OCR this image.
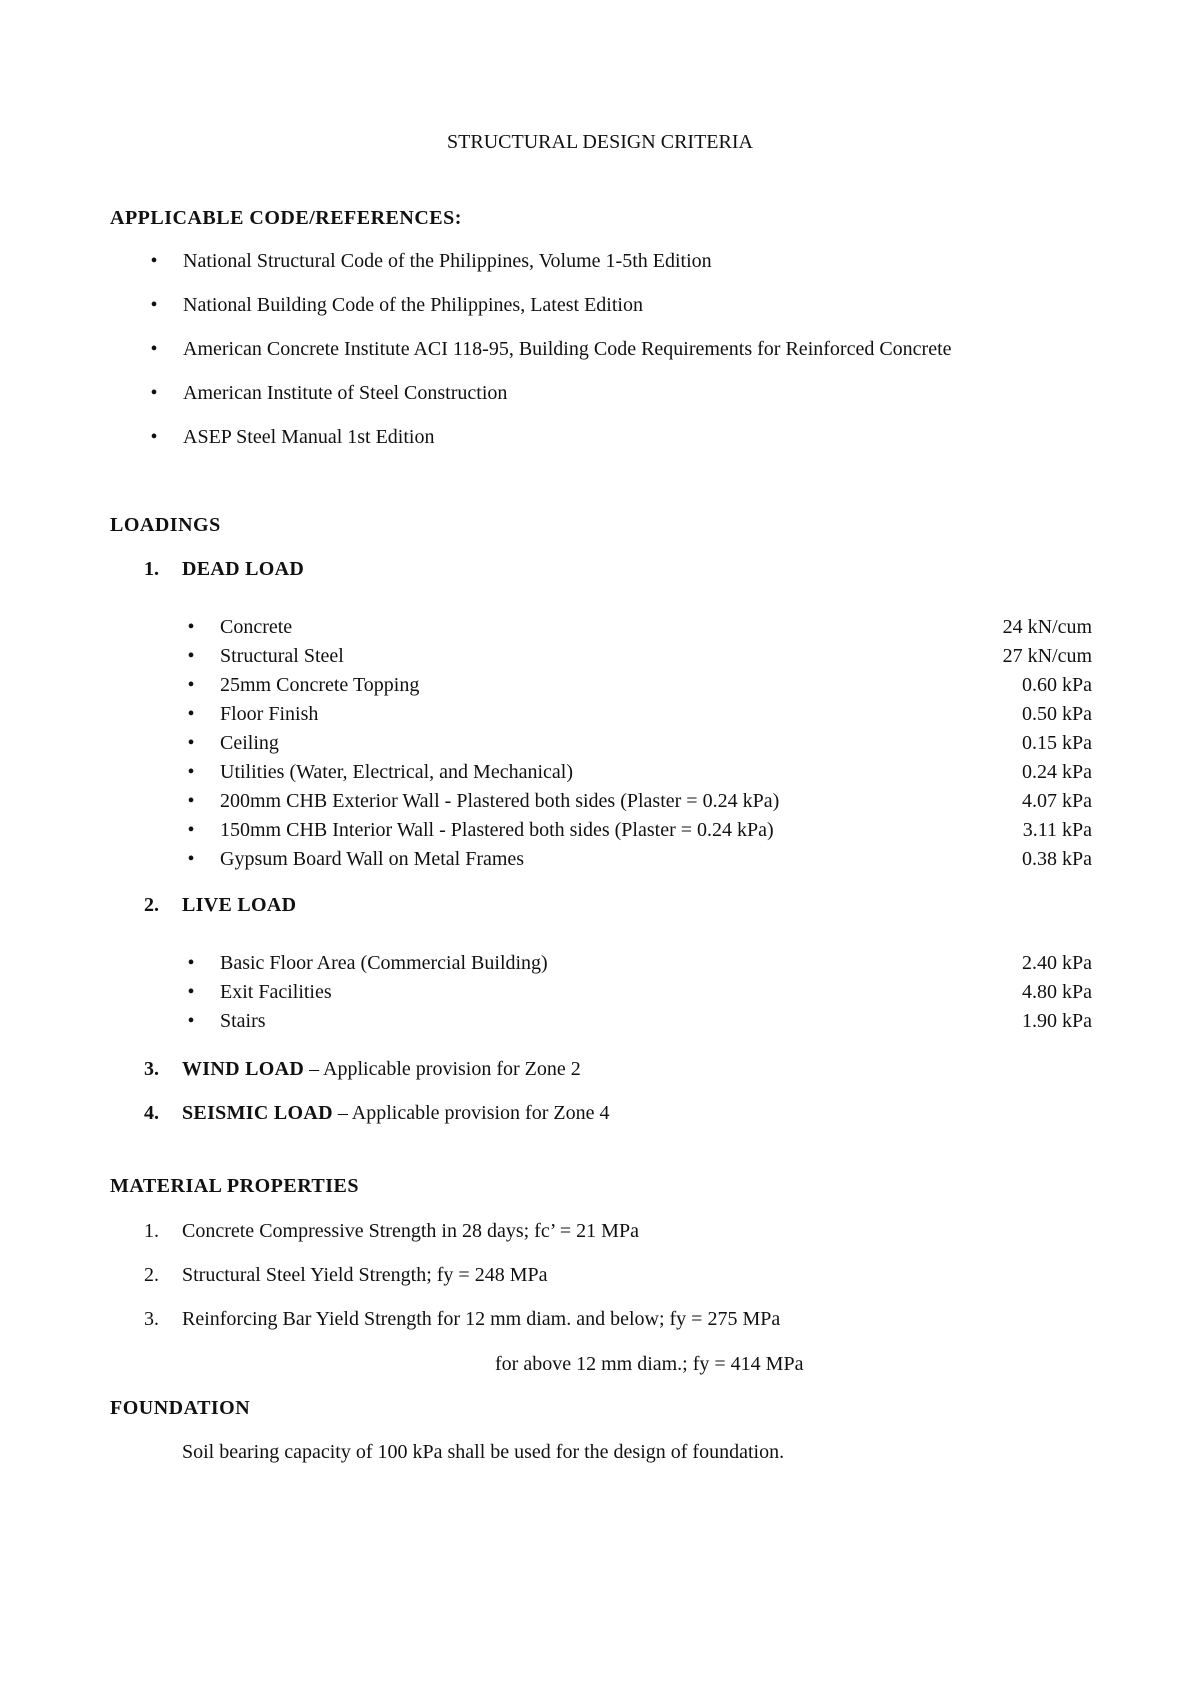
STRUCTURAL DESIGN CRITERIA
APPLICABLE CODE/REFERENCES:
• National Structural Code of the Philippines, Volume 1-5th Edition
• National Building Code of the Philippines, Latest Edition
• American Concrete Institute ACI 118-95, Building Code Requirements for Reinforced Concrete
• American Institute of Steel Construction
• ASEP Steel Manual 1st Edition
LOADINGS
1. DEAD LOAD
• Concrete	24 kN/cum
• Structural Steel	27 kN/cum
• 25mm Concrete Topping	0.60 kPa
• Floor Finish	0.50 kPa
• Ceiling	0.15 kPa
• Utilities (Water, Electrical, and Mechanical)	0.24 kPa
• 200mm CHB Exterior Wall - Plastered both sides (Plaster = 0.24 kPa)	4.07 kPa
• 150mm CHB Interior Wall - Plastered both sides (Plaster = 0.24 kPa)	3.11 kPa
• Gypsum Board Wall on Metal Frames	0.38 kPa
2. LIVE LOAD
• Basic Floor Area (Commercial Building)	2.40 kPa
• Exit Facilities	4.80 kPa
• Stairs	1.90 kPa
3. WIND LOAD – Applicable provision for Zone 2
4. SEISMIC LOAD – Applicable provision for Zone 4
MATERIAL PROPERTIES
1. Concrete Compressive Strength in 28 days; fc’ = 21 MPa
2. Structural Steel Yield Strength; fy = 248 MPa
3. Reinforcing Bar Yield Strength for 12 mm diam. and below; fy = 275 MPa
for above 12 mm diam.; fy = 414 MPa
FOUNDATION
Soil bearing capacity of 100 kPa shall be used for the design of foundation.
